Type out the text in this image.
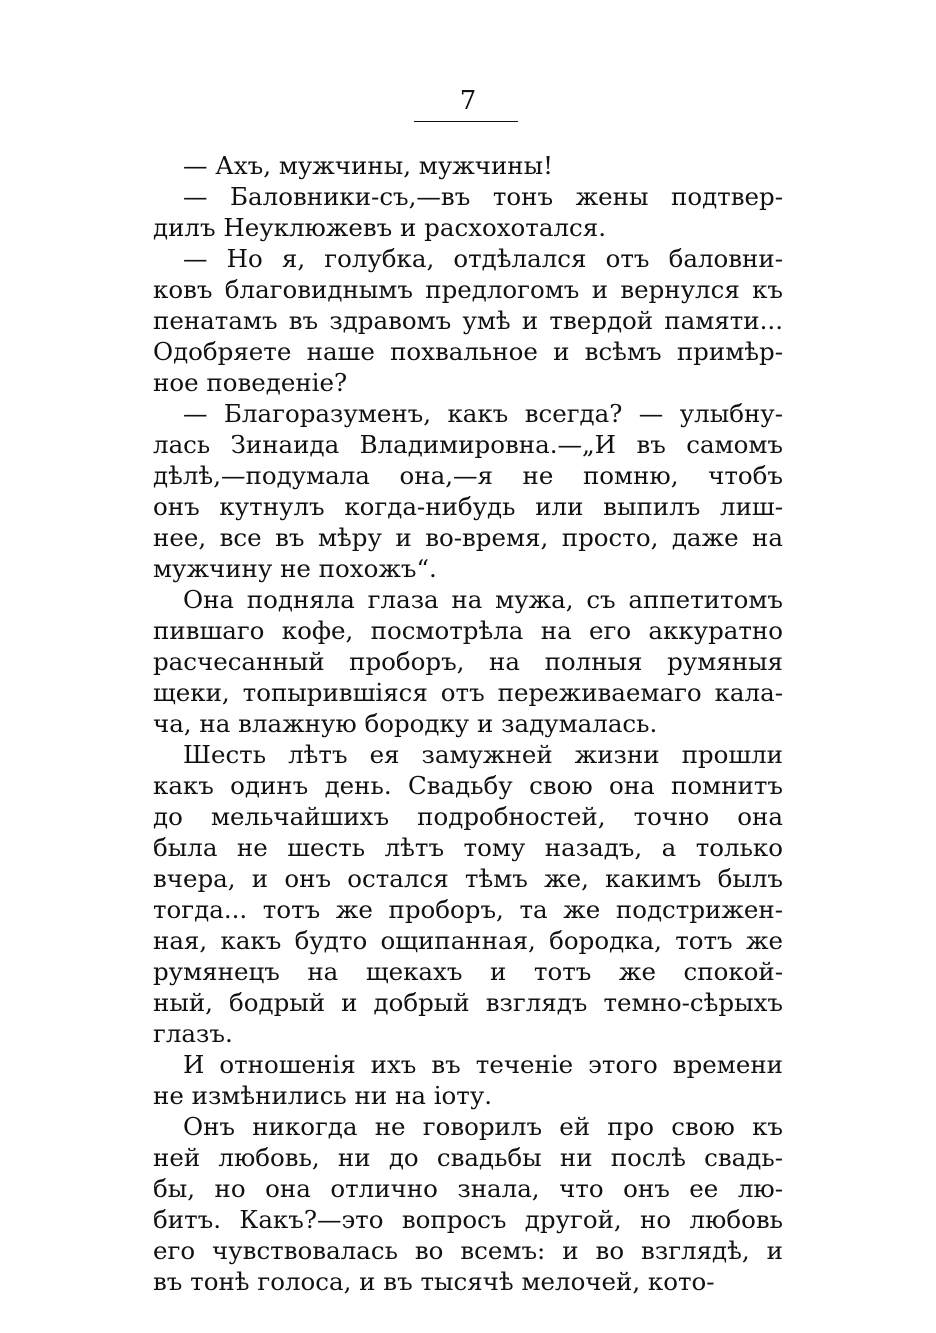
7
— Ахъ, мужчины, мужчины!
— Баловники-съ,—въ тонъ жены подтвер-
дилъ Неуклюжевъ и расхохотался.
— Но я, голубка, отдѣлался отъ баловни-
ковъ благовиднымъ предлогомъ и вернулся къ
пенатамъ въ здравомъ умѣ и твердой памяти...
Одобряете наше похвальное и всѣмъ примѣр-
ное поведеніе?
— Благоразуменъ, какъ всегда? — улыбну-
лась Зинаида Владимировна.—„И въ самомъ
дѣлѣ,—подумала она,—я не помню, чтобъ
онъ кутнулъ когда-нибудь или выпилъ лиш-
нее, все въ мѣру и во-время, просто, даже на
мужчину не похожъ“.
Она подняла глаза на мужа, съ аппетитомъ
пившаго кофе, посмотрѣла на его аккуратно
расчесанный проборъ, на полныя румяныя
щеки, топырившіяся отъ переживаемаго кала-
ча, на влажную бородку и задумалась.
Шесть лѣтъ ея замужней жизни прошли
какъ одинъ день. Свадьбу свою она помнитъ
до мельчайшихъ подробностей, точно она
была не шесть лѣтъ тому назадъ, а только
вчера, и онъ остался тѣмъ же, какимъ былъ
тогда... тотъ же проборъ, та же подстрижен-
ная, какъ будто ощипанная, бородка, тотъ же
румянецъ на щекахъ и тотъ же спокой-
ный, бодрый и добрый взглядъ темно-сѣрыхъ
глазъ.
И отношенія ихъ въ теченіе этого времени
не измѣнились ни на іоту.
Онъ никогда не говорилъ ей про свою къ
ней любовь, ни до свадьбы ни послѣ свадь-
бы, но она отлично знала, что онъ ее лю-
битъ. Какъ?—это вопросъ другой, но любовь
его чувствовалась во всемъ: и во взглядѣ, и
въ тонѣ голоса, и въ тысячѣ мелочей, кото-
